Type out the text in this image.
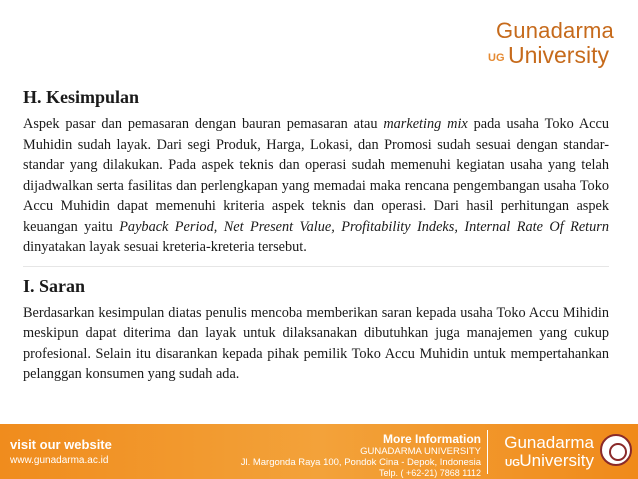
Gunadarma
UG University
H. Kesimpulan

Aspek pasar dan pemasaran dengan bauran pemasaran atau marketing mix pada usaha Toko Accu Muhidin sudah layak. Dari segi Produk, Harga, Lokasi, dan Promosi sudah sesuai dengan standar-standar yang dilakukan. Pada aspek teknis dan operasi sudah memenuhi kegiatan usaha yang telah dijadwalkan serta fasilitas dan perlengkapan yang memadai maka rencana pengembangan usaha Toko Accu Muhidin dapat memenuhi kriteria aspek teknis dan operasi. Dari hasil perhitungan aspek keuangan yaitu Payback Period, Net Present Value, Profitability Indeks, Internal Rate Of Return dinyatakan layak sesuai kreteria-kreteria tersebut.

I. Saran

Berdasarkan kesimpulan diatas penulis mencoba memberikan saran kepada usaha Toko Accu Mihidin meskipun dapat diterima dan layak untuk dilaksanakan dibutuhkan juga manajemen yang cukup profesional. Selain itu disarankan kepada pihak pemilik Toko Accu Muhidin untuk mempertahankan pelanggan konsumen yang sudah ada.

visit our website
www.gunadarma.ac.id
More Information
GUNADARMA UNIVERSITY
Jl. Margonda Raya 100, Pondok Cina - Depok, Indonesia
Telp. ( +62-21) 7868 1112
Gunadarma
UG University
